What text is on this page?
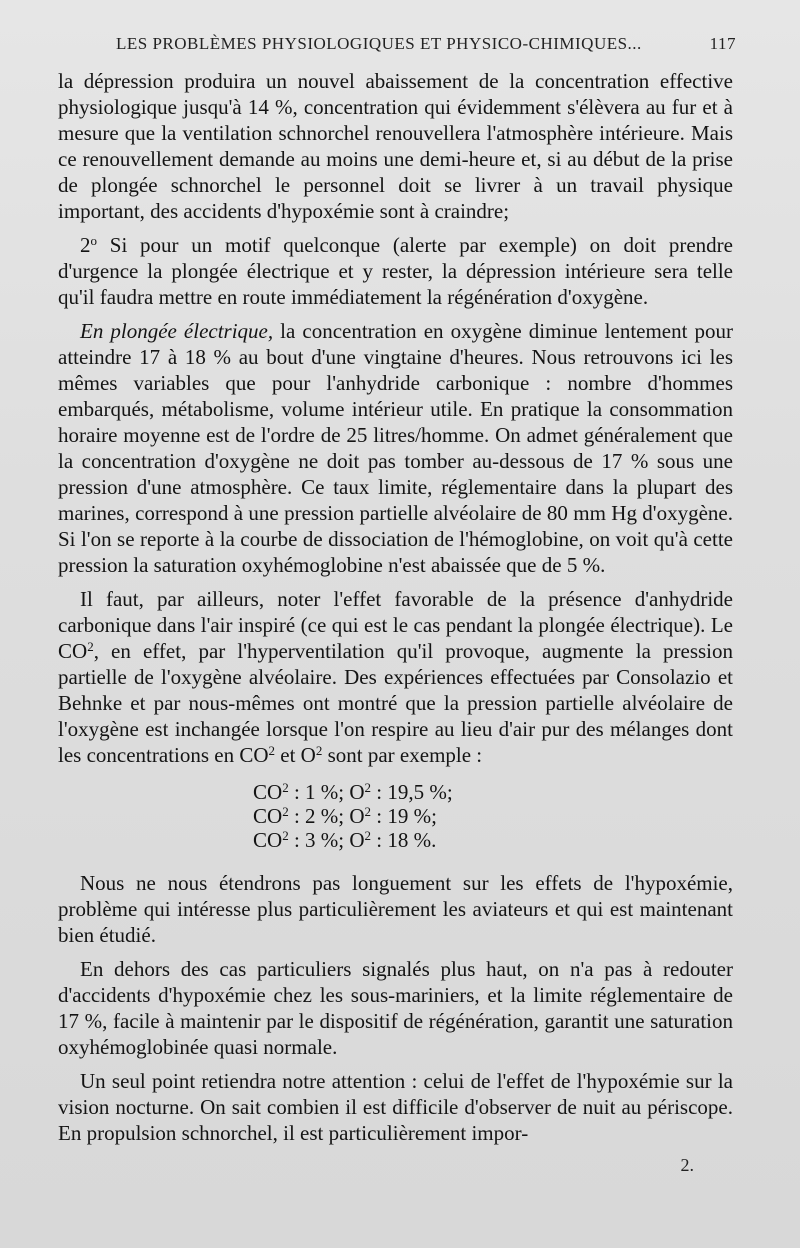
LES PROBLÈMES PHYSIOLOGIQUES ET PHYSICO-CHIMIQUES...	117

la dépression produira un nouvel abaissement de la concentration effective physiologique jusqu'à 14 %, concentration qui évidemment s'élèvera au fur et à mesure que la ventilation schnorchel renouvellera l'atmosphère intérieure. Mais ce renouvellement demande au moins une demi-heure et, si au début de la prise de plongée schnorchel le personnel doit se livrer à un travail physique important, des accidents d'hypoxémie sont à craindre;

2$^o$ Si pour un motif quelconque (alerte par exemple) on doit prendre d'urgence la plongée électrique et y rester, la dépression intérieure sera telle qu'il faudra mettre en route immédiatement la régénération d'oxygène.

En plongée électrique, la concentration en oxygène diminue lentement pour atteindre 17 à 18 % au bout d'une vingtaine d'heures. Nous retrouvons ici les mêmes variables que pour l'anhydride carbonique : nombre d'hommes embarqués, métabolisme, volume intérieur utile. En pratique la consommation horaire moyenne est de l'ordre de 25 litres/homme. On admet généralement que la concentration d'oxygène ne doit pas tomber au-dessous de 17 % sous une pression d'une atmosphère. Ce taux limite, réglementaire dans la plupart des marines, correspond à une pression partielle alvéolaire de 80 mm Hg d'oxygène. Si l'on se reporte à la courbe de dissociation de l'hémoglobine, on voit qu'à cette pression la saturation oxyhémoglobine n'est abaissée que de 5 %.

Il faut, par ailleurs, noter l'effet favorable de la présence d'anhydride carbonique dans l'air inspiré (ce qui est le cas pendant la plongée électrique). Le $CO^2$, en effet, par l'hyperventilation qu'il provoque, augmente la pression partielle de l'oxygène alvéolaire. Des expériences effectuées par Consolazio et Behnke et par nous-mêmes ont montré que la pression partielle alvéolaire de l'oxygène est inchangée lorsque l'on respire au lieu d'air pur des mélanges dont les concentrations en $CO^2$ et $O^2$ sont par exemple :

$CO^2$ : 1 %; $O^2$ : 19,5 %;
$CO^2$ : 2 %; $O^2$ : 19 %;
$CO^2$ : 3 %; $O^2$ : 18 %.

Nous ne nous étendrons pas longuement sur les effets de l'hypoxémie, problème qui intéresse plus particulièrement les aviateurs et qui est maintenant bien étudié.

En dehors des cas particuliers signalés plus haut, on n'a pas à redouter d'accidents d'hypoxémie chez les sous-mariniers, et la limite réglementaire de 17 %, facile à maintenir par le dispositif de régénération, garantit une saturation oxyhémoglobinée quasi normale.

Un seul point retiendra notre attention : celui de l'effet de l'hypoxémie sur la vision nocturne. On sait combien il est difficile d'observer de nuit au périscope. En propulsion schnorchel, il est particulièrement impor-

2.
